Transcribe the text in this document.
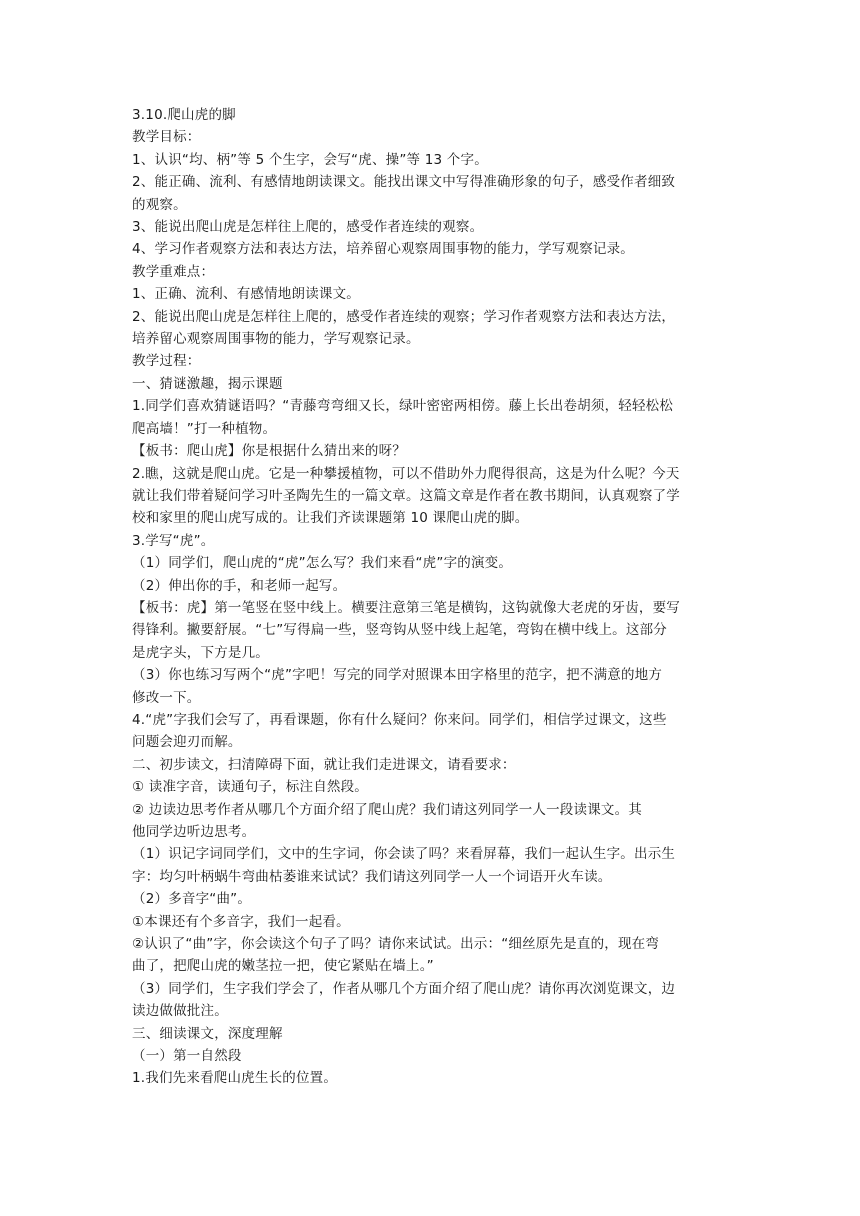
3.10.爬山虎的脚
教学目标：
1、认识“均、柄”等 5 个生字，会写“虎、操”等 13 个字。
2、能正确、流利、有感情地朗读课文。能找出课文中写得准确形象的句子，感受作者细致
的观察。
3、能说出爬山虎是怎样往上爬的，感受作者连续的观察。
4、学习作者观察方法和表达方法，培养留心观察周围事物的能力，学写观察记录。
教学重难点：
1、正确、流利、有感情地朗读课文。
2、能说出爬山虎是怎样往上爬的，感受作者连续的观察；学习作者观察方法和表达方法，
培养留心观察周围事物的能力，学写观察记录。
教学过程：
一、猜谜激趣，揭示课题
1.同学们喜欢猜谜语吗？“青藤弯弯细又长，绿叶密密两相傍。藤上长出卷胡须，轻轻松松
爬高墙！”打一种植物。
【板书：爬山虎】你是根据什么猜出来的呀？
2.瞧，这就是爬山虎。它是一种攀援植物，可以不借助外力爬得很高，这是为什么呢？今天
就让我们带着疑问学习叶圣陶先生的一篇文章。这篇文章是作者在教书期间，认真观察了学
校和家里的爬山虎写成的。让我们齐读课题第 10 课爬山虎的脚。
3.学写“虎”。
（1）同学们，爬山虎的“虎”怎么写？我们来看“虎”字的演变。
（2）伸出你的手，和老师一起写。
【板书：虎】第一笔竖在竖中线上。横要注意第三笔是横钩，这钩就像大老虎的牙齿，要写
得锋利。撇要舒展。“七”写得扁一些，竖弯钩从竖中线上起笔，弯钩在横中线上。这部分
是虎字头，下方是几。
（3）你也练习写两个“虎”字吧！写完的同学对照课本田字格里的范字，把不满意的地方
修改一下。
4.“虎”字我们会写了，再看课题，你有什么疑问？你来问。同学们，相信学过课文，这些
问题会迎刃而解。
二、初步读文，扫清障碍下面，就让我们走进课文，请看要求：
① 读准字音，读通句子，标注自然段。
② 边读边思考作者从哪几个方面介绍了爬山虎？我们请这列同学一人一段读课文。其
他同学边听边思考。
（1）识记字词同学们，文中的生字词，你会读了吗？来看屏幕，我们一起认生字。出示生
字：均匀叶柄蜗牛弯曲枯萎谁来试试？我们请这列同学一人一个词语开火车读。
（2）多音字“曲”。
①本课还有个多音字，我们一起看。
②认识了“曲”字，你会读这个句子了吗？请你来试试。出示：“细丝原先是直的，现在弯
曲了，把爬山虎的嫩茎拉一把，使它紧贴在墙上。”
（3）同学们，生字我们学会了，作者从哪几个方面介绍了爬山虎？请你再次浏览课文，边
读边做做批注。
三、细读课文，深度理解
（一）第一自然段
1.我们先来看爬山虎生长的位置。
